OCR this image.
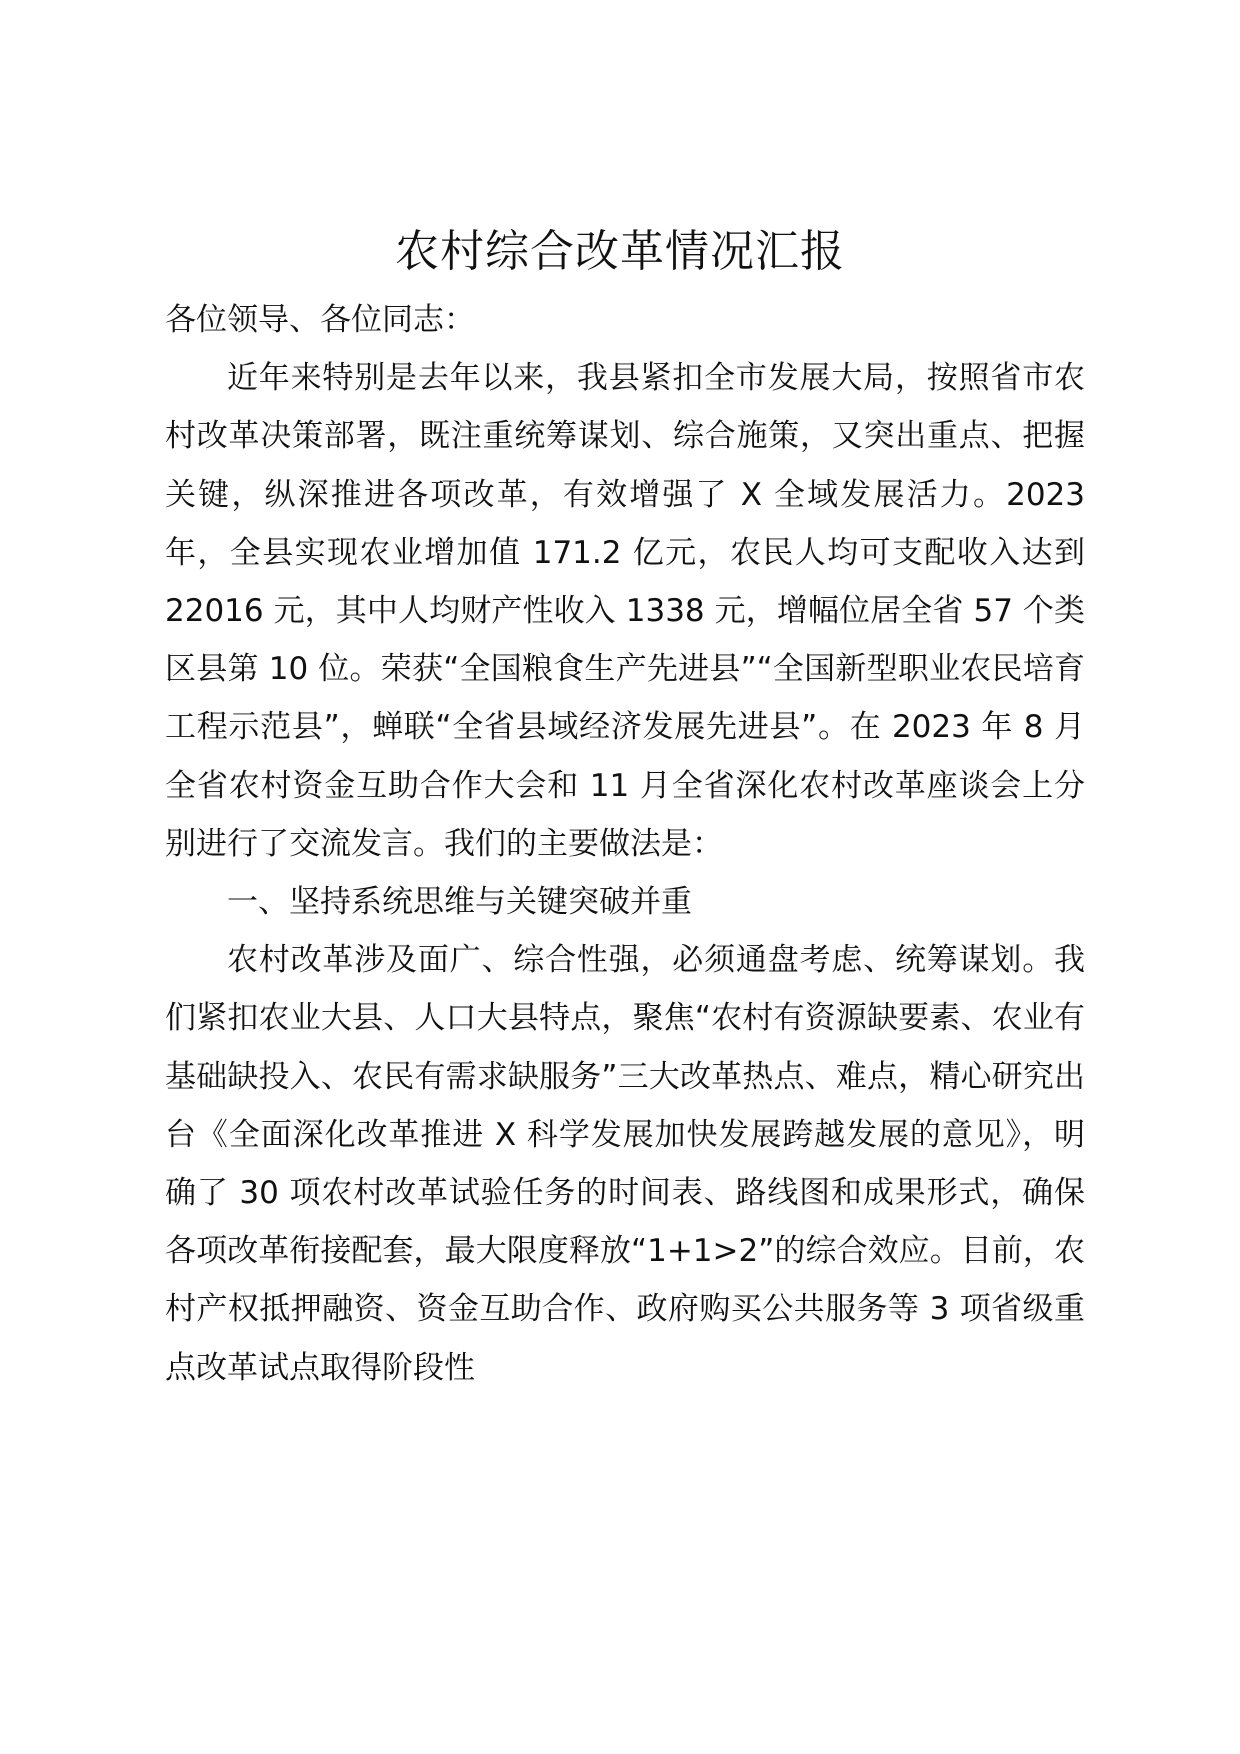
农村综合改革情况汇报

各位领导、各位同志：

近年来特别是去年以来，我县紧扣全市发展大局，按照省市农村改革决策部署，既注重统筹谋划、综合施策，又突出重点、把握关键，纵深推进各项改革，有效增强了 X 全域发展活力。2023 年，全县实现农业增加值 171.2 亿元，农民人均可支配收入达到 22016 元，其中人均财产性收入 1338 元，增幅位居全省 57 个类区县第 10 位。荣获“全国粮食生产先进县”“全国新型职业农民培育工程示范县”，蝉联“全省县域经济发展先进县”。在 2023 年 8 月全省农村资金互助合作大会和 11 月全省深化农村改革座谈会上分别进行了交流发言。我们的主要做法是：

一、坚持系统思维与关键突破并重

农村改革涉及面广、综合性强，必须通盘考虑、统筹谋划。我们紧扣农业大县、人口大县特点，聚焦“农村有资源缺要素、农业有基础缺投入、农民有需求缺服务”三大改革热点、难点，精心研究出台《全面深化改革推进 X 科学发展加快发展跨越发展的意见》，明确了 30 项农村改革试验任务的时间表、路线图和成果形式，确保各项改革衔接配套，最大限度释放“1+1>2”的综合效应。目前，农村产权抵押融资、资金互助合作、政府购买公共服务等 3 项省级重点改革试点取得阶段性
